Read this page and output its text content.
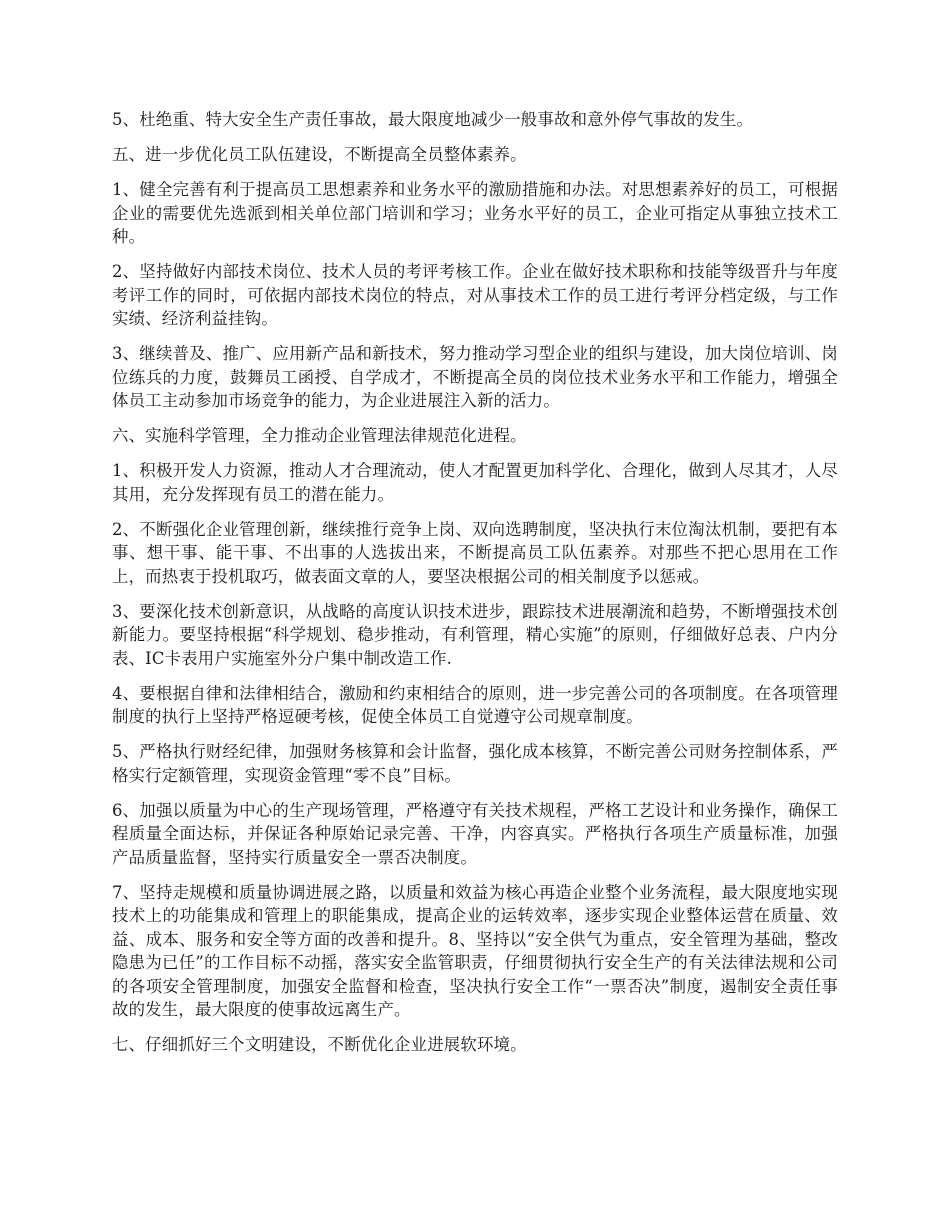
5、杜绝重、特大安全生产责任事故，最大限度地减少一般事故和意外停气事故的发生。

五、进一步优化员工队伍建设，不断提高全员整体素养。

1、健全完善有利于提高员工思想素养和业务水平的激励措施和办法。对思想素养好的员工，可根据企业的需要优先选派到相关单位部门培训和学习；业务水平好的员工，企业可指定从事独立技术工种。

2、坚持做好内部技术岗位、技术人员的考评考核工作。企业在做好技术职称和技能等级晋升与年度考评工作的同时，可依据内部技术岗位的特点，对从事技术工作的员工进行考评分档定级，与工作实绩、经济利益挂钩。

3、继续普及、推广、应用新产品和新技术，努力推动学习型企业的组织与建设，加大岗位培训、岗位练兵的力度，鼓舞员工函授、自学成才，不断提高全员的岗位技术业务水平和工作能力，增强全体员工主动参加市场竞争的能力，为企业进展注入新的活力。

六、实施科学管理，全力推动企业管理法律规范化进程。

1、积极开发人力资源，推动人才合理流动，使人才配置更加科学化、合理化，做到人尽其才，人尽其用，充分发挥现有员工的潜在能力。

2、不断强化企业管理创新，继续推行竞争上岗、双向选聘制度，坚决执行末位淘汰机制，要把有本事、想干事、能干事、不出事的人选拔出来，不断提高员工队伍素养。对那些不把心思用在工作上，而热衷于投机取巧，做表面文章的人，要坚决根据公司的相关制度予以惩戒。

3、要深化技术创新意识，从战略的高度认识技术进步，跟踪技术进展潮流和趋势，不断增强技术创新能力。要坚持根据“科学规划、稳步推动，有利管理，精心实施”的原则，仔细做好总表、户内分表、IC卡表用户实施室外分户集中制改造工作.

4、要根据自律和法律相结合，激励和约束相结合的原则，进一步完善公司的各项制度。在各项管理制度的执行上坚持严格逗硬考核，促使全体员工自觉遵守公司规章制度。

5、严格执行财经纪律，加强财务核算和会计监督，强化成本核算，不断完善公司财务控制体系，严格实行定额管理，实现资金管理“零不良”目标。

6、加强以质量为中心的生产现场管理，严格遵守有关技术规程，严格工艺设计和业务操作，确保工程质量全面达标，并保证各种原始记录完善、干净，内容真实。严格执行各项生产质量标准，加强产品质量监督，坚持实行质量安全一票否决制度。

7、坚持走规模和质量协调进展之路，以质量和效益为核心再造企业整个业务流程，最大限度地实现技术上的功能集成和管理上的职能集成，提高企业的运转效率，逐步实现企业整体运营在质量、效益、成本、服务和安全等方面的改善和提升。8、坚持以“安全供气为重点，安全管理为基础，整改隐患为已任”的工作目标不动摇，落实安全监管职责，仔细贯彻执行安全生产的有关法律法规和公司的各项安全管理制度，加强安全监督和检查，坚决执行安全工作“一票否决”制度，遏制安全责任事故的发生，最大限度的使事故远离生产。

七、仔细抓好三个文明建设，不断优化企业进展软环境。
